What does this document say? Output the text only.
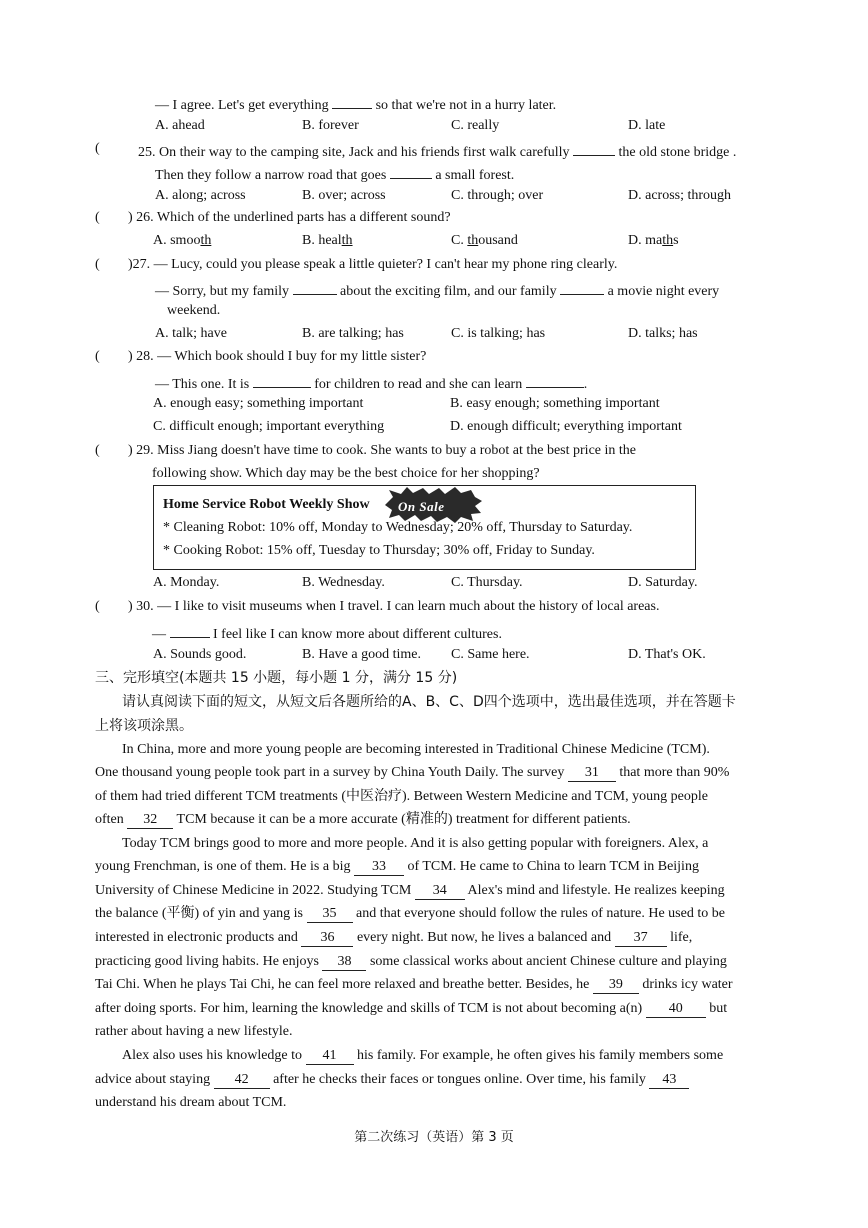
— I agree. Let's get everything	so that we're not in a hurry later.
A. ahead	B. forever	C. really	D. late
(	25. On their way to the camping site, Jack and his friends first walk carefully	the old stone bridge .
Then they follow a narrow road that goes	a small forest.
A. along; across	B. over; across	C. through; over	D. across; through
( ) 26. Which of the underlined parts has a different sound?
A. smooth	B. health	C. thousand	D. maths
( )27. — Lucy, could you please speak a little quieter? I can't hear my phone ring clearly.
— Sorry, but my family	about the exciting film, and our family	a movie night every
weekend.
A. talk; have	B. are talking; has	C. is talking; has	D. talks; has
( ) 28. — Which book should I buy for my little sister?
— This one. It is	for children to read and she can learn	.
A. enough easy; something important	B. easy enough; something important
C. difficult enough; important everything	D. enough difficult; everything important
( ) 29. Miss Jiang doesn't have time to cook. She wants to buy a robot at the best price in the
following show. Which day may be the best choice for her shopping?
On Sale
Home Service Robot Weekly Show
* Cleaning Robot: 10% off, Monday to Wednesday; 20% off, Thursday to Saturday.
* Cooking Robot: 15% off, Tuesday to Thursday; 30% off, Friday to Sunday.
A. Monday.	B. Wednesday.	C. Thursday.	D. Saturday.
( ) 30. — I like to visit museums when I travel. I can learn much about the history of local areas.
—	I feel like I can know more about different cultures.
A. Sounds good.	B. Have a good time. C. Same here.	D. That's OK.
三、完形填空(本题共 15 小题，每小题 1 分，满分 15 分)
请认真阅读下面的短文，从短文后各题所给的A、B、C、D四个选项中，选出最佳选项，并在答题卡
上将该项涂黑。
In China, more and more young people are becoming interested in Traditional Chinese Medicine (TCM).
One thousand young people took part in a survey by China Youth Daily. The survey 31 that more than 90%
of them had tried different TCM treatments (中医治疗). Between Western Medicine and TCM, young people
often 32 TCM because it can be a more accurate (精准的) treatment for different patients.
Today TCM brings good to more and more people. And it is also getting popular with foreigners. Alex, a
young Frenchman, is one of them. He is a big 33 of TCM. He came to China to learn TCM in Beijing
University of Chinese Medicine in 2022. Studying TCM 34 Alex's mind and lifestyle. He realizes keeping
the balance (平衡) of yin and yang is 35 and that everyone should follow the rules of nature. He used to be
interested in electronic products and 36 every night. But now, he lives a balanced and 37 life,
practicing good living habits. He enjoys 38 some classical works about ancient Chinese culture and playing
Tai Chi. When he plays Tai Chi, he can feel more relaxed and breathe better. Besides, he 39 drinks icy water
after doing sports. For him, learning the knowledge and skills of TCM is not about becoming a(n) 40 but
rather about having a new lifestyle.
Alex also uses his knowledge to 41 his family. For example, he often gives his family members some
advice about staying 42 after he checks their faces or tongues online. Over time, his family 43
understand his dream about TCM.
第二次练习（英语）第 3 页
